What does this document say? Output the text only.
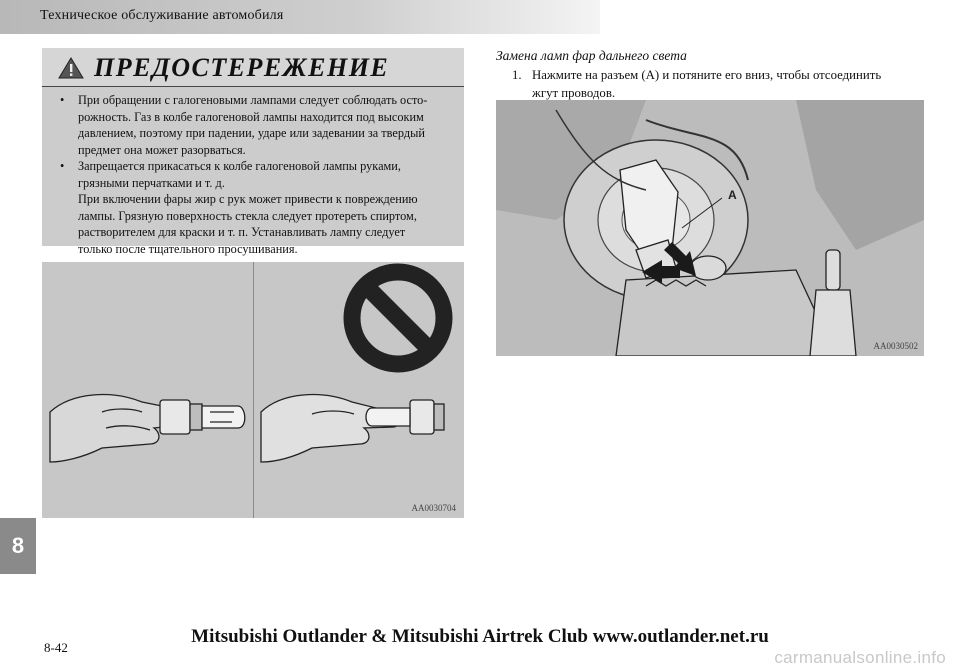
Техническое обслуживание автомобиля
ПРЕДОСТЕРЕЖЕНИЕ
• При обращении с галогеновыми лампами следует соблюдать осто-
рожность. Газ в колбе галогеновой лампы находится под высоким
давлением, поэтому при падении, ударе или задевании за твердый
предмет она может разорваться.
• Запрещается прикасаться к колбе галогеновой лампы руками,
грязными перчатками и т. д.
При включении фары жир с рук может привести к повреждению
лампы. Грязную поверхность стекла следует протереть спиртом,
растворителем для краски и т. п. Устанавливать лампу следует
только после тщательного просушивания.
AA0030704
Замена ламп фар дальнего света
1. Нажмите на разъем (А) и потяните его вниз, чтобы отсоединить
жгут проводов.
A
AA0030502
8
8-42
Mitsubishi Outlander & Mitsubishi Airtrek Club www.outlander.net.ru
carmanualsonline.info
